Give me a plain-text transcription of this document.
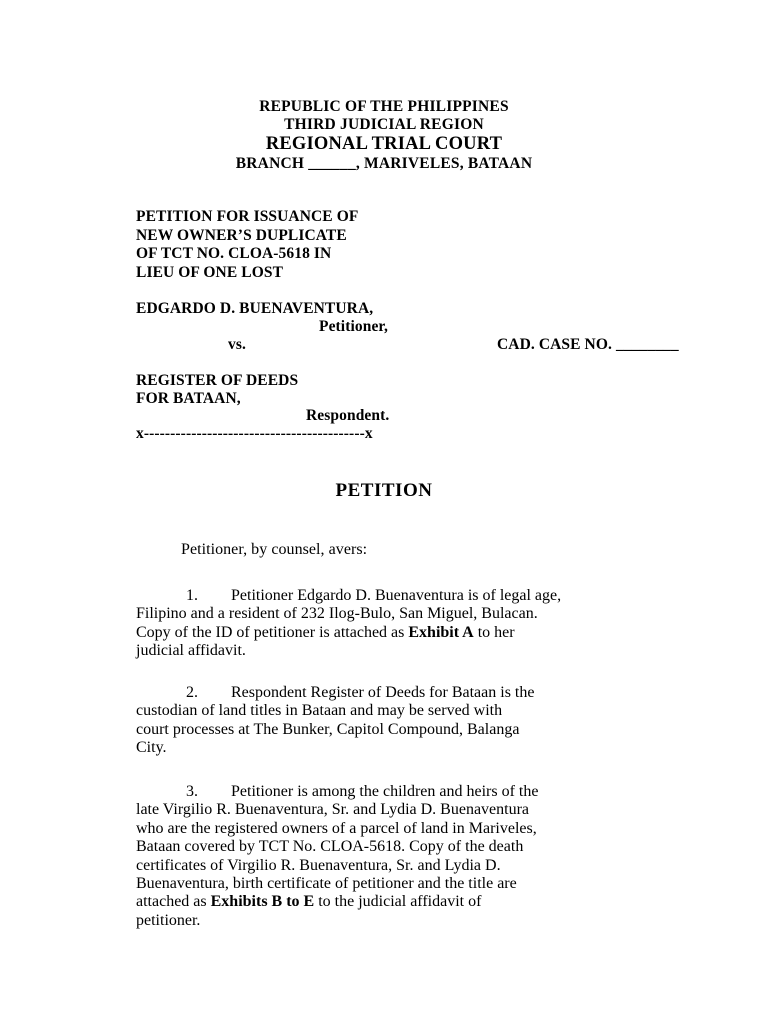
REPUBLIC OF THE PHILIPPINES
THIRD JUDICIAL REGION
REGIONAL TRIAL COURT
BRANCH ______, MARIVELES, BATAAN
PETITION FOR ISSUANCE OF
NEW OWNER’S DUPLICATE
OF TCT NO. CLOA-5618 IN
LIEU OF ONE LOST
EDGARDO D. BUENAVENTURA,
Petitioner,
vs.	CAD. CASE NO. ________
REGISTER OF DEEDS
FOR BATAAN,
Respondent.
x------------------------------------------x
PETITION
Petitioner, by counsel, avers:
1. Petitioner Edgardo D. Buenaventura is of legal age,
Filipino and a resident of 232 Ilog-Bulo, San Miguel, Bulacan.
Copy of the ID of petitioner is attached as Exhibit A to her
judicial affidavit.
2. Respondent Register of Deeds for Bataan is the
custodian of land titles in Bataan and may be served with
court processes at The Bunker, Capitol Compound, Balanga
City.
3. Petitioner is among the children and heirs of the
late Virgilio R. Buenaventura, Sr. and Lydia D. Buenaventura
who are the registered owners of a parcel of land in Mariveles,
Bataan covered by TCT No. CLOA-5618. Copy of the death
certificates of Virgilio R. Buenaventura, Sr. and Lydia D.
Buenaventura, birth certificate of petitioner and the title are
attached as Exhibits B to E to the judicial affidavit of
petitioner.
